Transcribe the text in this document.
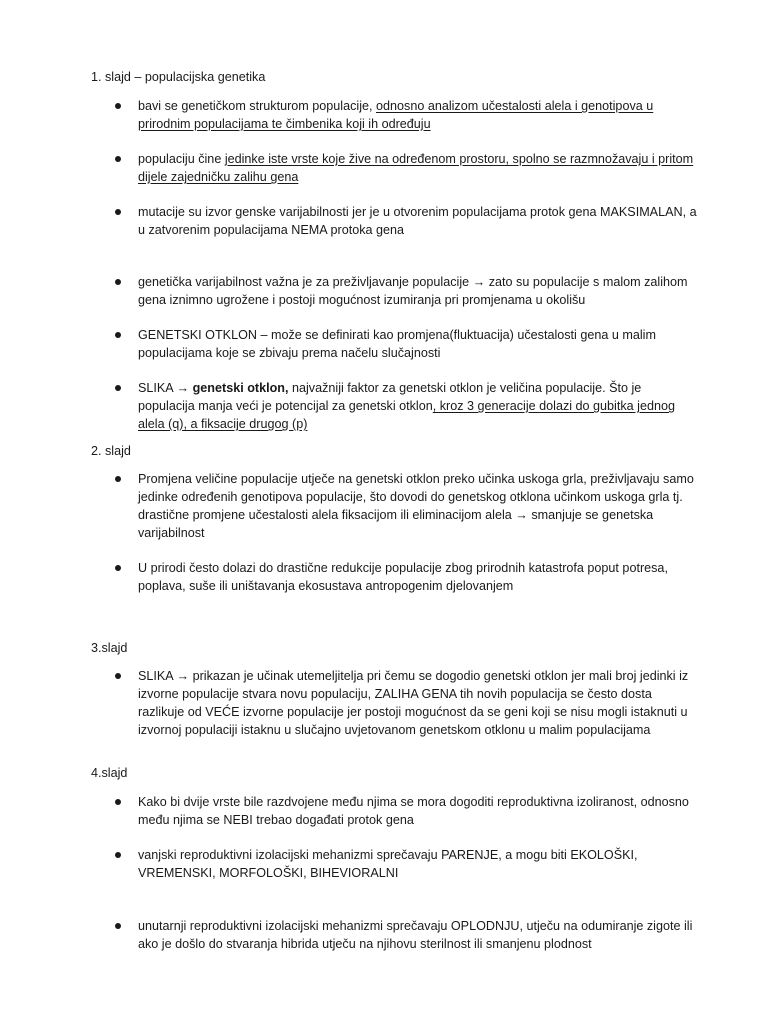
1. slajd – populacijska genetika

bavi se genetičkom strukturom populacije, odnosno analizom učestalosti alela i genotipova u prirodnim populacijama te čimbenika koji ih određuju

populaciju čine jedinke iste vrste koje žive na određenom prostoru, spolno se razmnožavaju i pritom dijele zajedničku zalihu gena

mutacije su izvor genske varijabilnosti jer je u otvorenim populacijama protok gena MAKSIMALAN, a u zatvorenim populacijama NEMA protoka gena

genetička varijabilnost važna je za preživljavanje populacije → zato su populacije s malom zalihom gena iznimno ugrožene i postoji mogućnost izumiranja pri promjenama u okolišu

GENETSKI OTKLON – može se definirati kao promjena(fluktuacija) učestalosti gena u malim populacijama koje se zbivaju prema načelu slučajnosti

SLIKA → genetski otklon, najvažniji faktor za genetski otklon je veličina populacije. Što je populacija manja veći je potencijal za genetski otklon, kroz 3 generacije dolazi do gubitka jednog alela (q), a fiksacije drugog (p)

2. slajd

Promjena veličine populacije utječe na genetski otklon preko učinka uskoga grla, preživljavaju samo jedinke određenih genotipova populacije, što dovodi do genetskog otklona učinkom uskoga grla tj. drastične promjene učestalosti alela fiksacijom ili eliminacijom alela → smanjuje se genetska varijabilnost

U prirodi često dolazi do drastične redukcije populacije zbog prirodnih katastrofa poput potresa, poplava, suše ili uništavanja ekosustava antropogenim djelovanjem

3.slajd

SLIKA → prikazan je učinak utemeljitelja pri čemu se dogodio genetski otklon jer mali broj jedinki iz izvorne populacije stvara novu populaciju, ZALIHA GENA tih novih populacija se često dosta razlikuje od VEĆE izvorne populacije jer postoji mogućnost da se geni koji se nisu mogli istaknuti u izvornoj populaciji istaknu u slučajno uvjetovanom genetskom otklonu u malim populacijama

4.slajd

Kako bi dvije vrste bile razdvojene među njima se mora dogoditi reproduktivna izoliranost, odnosno među njima se NEBI trebao događati protok gena

vanjski reproduktivni izolacijski mehanizmi sprečavaju PARENJE, a mogu biti EKOLOŠKI, VREMENSKI, MORFOLOŠKI, BIHEVIORALNI

unutarnji reproduktivni izolacijski mehanizmi sprečavaju OPLODNJU, utječu na odumiranje zigote ili ako je došlo do stvaranja hibrida utječu na njihovu sterilnost ili smanjenu plodnost
